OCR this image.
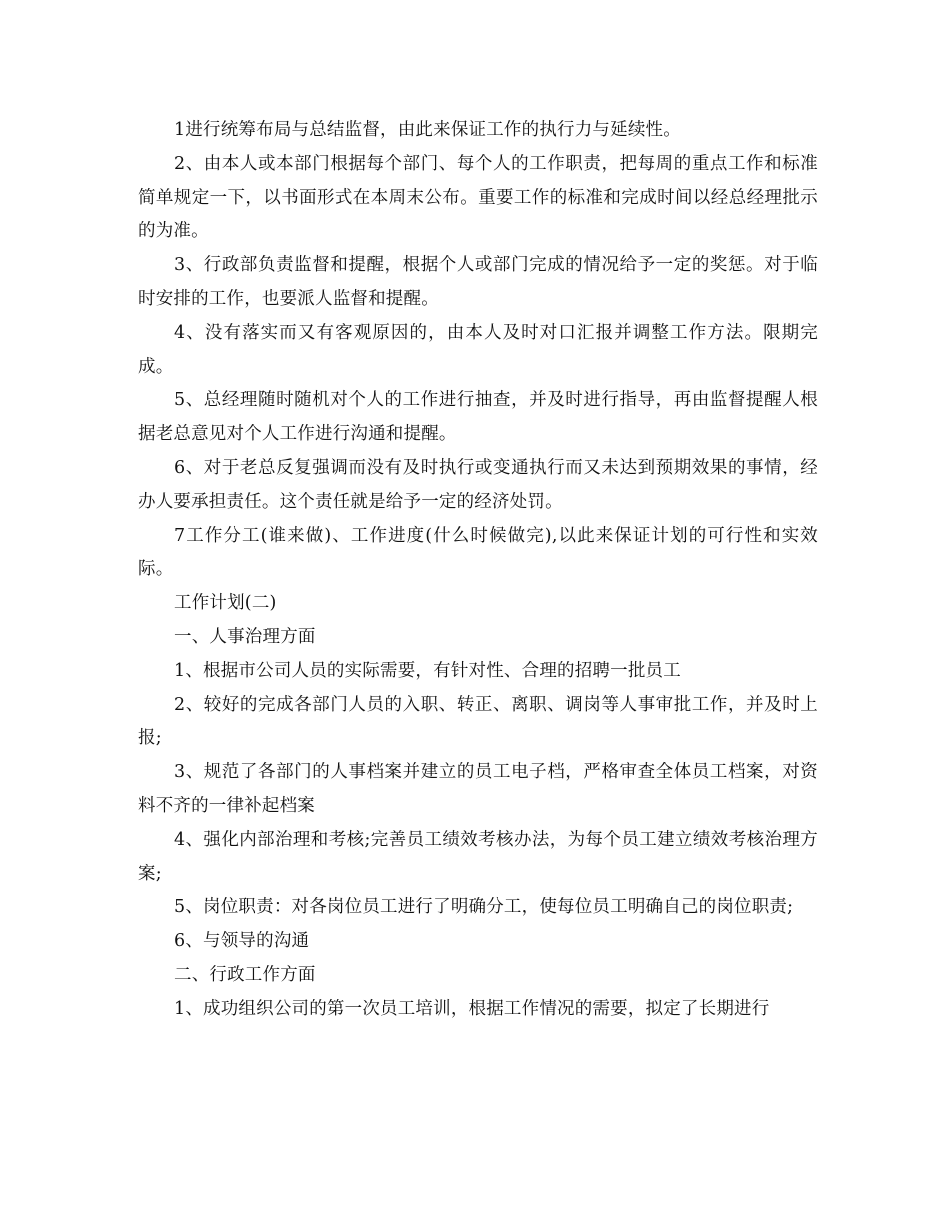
1进行统筹布局与总结监督，由此来保证工作的执行力与延续性。

2、由本人或本部门根据每个部门、每个人的工作职责，把每周的重点工作和标准简单规定一下，以书面形式在本周末公布。重要工作的标准和完成时间以经总经理批示的为准。

3、行政部负责监督和提醒，根据个人或部门完成的情况给予一定的奖惩。对于临时安排的工作，也要派人监督和提醒。

4、没有落实而又有客观原因的，由本人及时对口汇报并调整工作方法。限期完成。

5、总经理随时随机对个人的工作进行抽查，并及时进行指导，再由监督提醒人根据老总意见对个人工作进行沟通和提醒。

6、对于老总反复强调而没有及时执行或变通执行而又未达到预期效果的事情，经办人要承担责任。这个责任就是给予一定的经济处罚。

7工作分工(谁来做)、工作进度(什么时候做完),以此来保证计划的可行性和实效际。

工作计划(二)

一、人事治理方面

1、根据市公司人员的实际需要，有针对性、合理的招聘一批员工

2、较好的完成各部门人员的入职、转正、离职、调岗等人事审批工作，并及时上报;

3、规范了各部门的人事档案并建立的员工电子档，严格审查全体员工档案，对资料不齐的一律补起档案

4、强化内部治理和考核;完善员工绩效考核办法，为每个员工建立绩效考核治理方案;

5、岗位职责：对各岗位员工进行了明确分工，使每位员工明确自己的岗位职责;

6、与领导的沟通

二、行政工作方面

1、成功组织公司的第一次员工培训，根据工作情况的需要，拟定了长期进行
